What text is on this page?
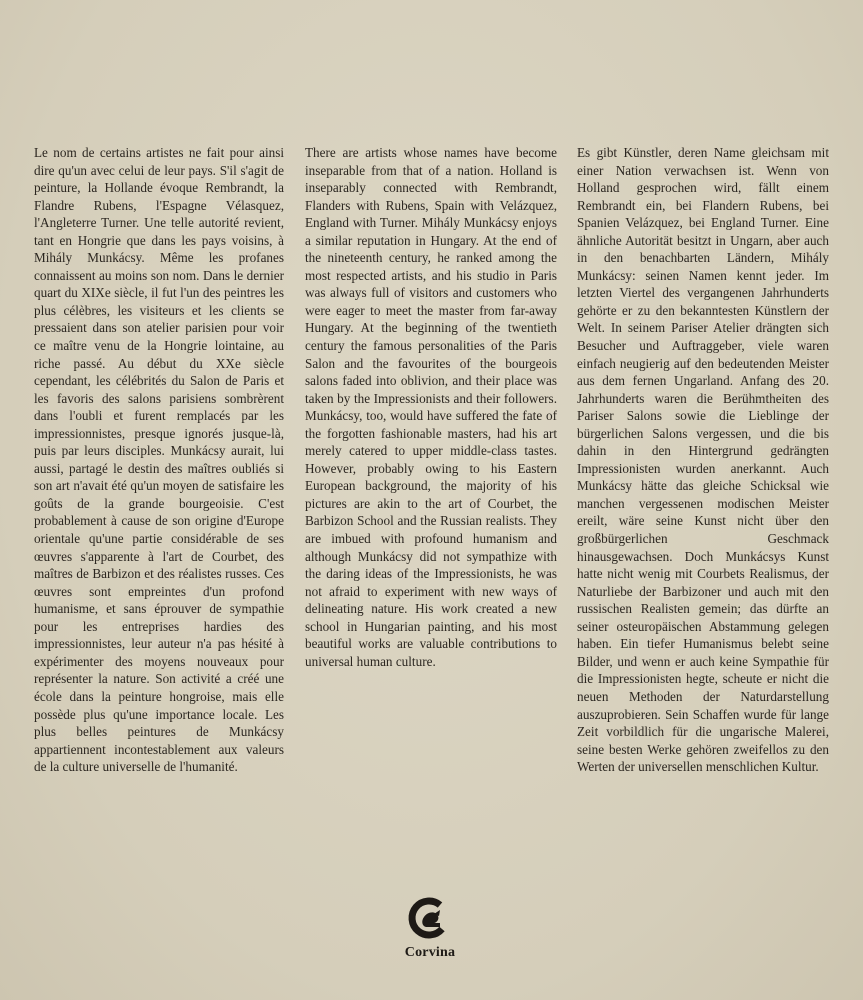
Le nom de certains artistes ne fait pour ainsi dire qu'un avec celui de leur pays. S'il s'agit de peinture, la Hollande évoque Rembrandt, la Flandre Rubens, l'Espagne Vélasquez, l'Angleterre Turner. Une telle autorité revient, tant en Hongrie que dans les pays voisins, à Mihály Munkácsy. Même les profanes connaissent au moins son nom. Dans le dernier quart du XIXe siècle, il fut l'un des peintres les plus célèbres, les visiteurs et les clients se pressaient dans son atelier parisien pour voir ce maître venu de la Hongrie lointaine, au riche passé. Au début du XXe siècle cependant, les célébrités du Salon de Paris et les favoris des salons parisiens sombrèrent dans l'oubli et furent remplacés par les impressionnistes, presque ignorés jusque-là, puis par leurs disciples. Munkácsy aurait, lui aussi, partagé le destin des maîtres oubliés si son art n'avait été qu'un moyen de satisfaire les goûts de la grande bourgeoisie. C'est probablement à cause de son origine d'Europe orientale qu'une partie considérable de ses œuvres s'apparente à l'art de Courbet, des maîtres de Barbizon et des réalistes russes. Ces œuvres sont empreintes d'un profond humanisme, et sans éprouver de sympathie pour les entreprises hardies des impressionnistes, leur auteur n'a pas hésité à expérimenter des moyens nouveaux pour représenter la nature. Son activité a créé une école dans la peinture hongroise, mais elle possède plus qu'une importance locale. Les plus belles peintures de Munkácsy appartiennent incontestablement aux valeurs de la culture universelle de l'humanité.

There are artists whose names have become inseparable from that of a nation. Holland is inseparably connected with Rembrandt, Flanders with Rubens, Spain with Velázquez, England with Turner. Mihály Munkácsy enjoys a similar reputation in Hungary. At the end of the nineteenth century, he ranked among the most respected artists, and his studio in Paris was always full of visitors and customers who were eager to meet the master from far-away Hungary. At the beginning of the twentieth century the famous personalities of the Paris Salon and the favourites of the bourgeois salons faded into oblivion, and their place was taken by the Impressionists and their followers. Munkácsy, too, would have suffered the fate of the forgotten fashionable masters, had his art merely catered to upper middle-class tastes. However, probably owing to his Eastern European background, the majority of his pictures are akin to the art of Courbet, the Barbizon School and the Russian realists. They are imbued with profound humanism and although Munkácsy did not sympathize with the daring ideas of the Impressionists, he was not afraid to experiment with new ways of delineating nature. His work created a new school in Hungarian painting, and his most beautiful works are valuable contributions to universal human culture.

Es gibt Künstler, deren Name gleichsam mit einer Nation verwachsen ist. Wenn von Holland gesprochen wird, fällt einem Rembrandt ein, bei Flandern Rubens, bei Spanien Velázquez, bei England Turner. Eine ähnliche Autorität besitzt in Ungarn, aber auch in den benachbarten Ländern, Mihály Munkácsy: seinen Namen kennt jeder. Im letzten Viertel des vergangenen Jahrhunderts gehörte er zu den bekanntesten Künstlern der Welt. In seinem Pariser Atelier drängten sich Besucher und Auftraggeber, viele waren einfach neugierig auf den bedeutenden Meister aus dem fernen Ungarland. Anfang des 20. Jahrhunderts waren die Berühmtheiten des Pariser Salons sowie die Lieblinge der bürgerlichen Salons vergessen, und die bis dahin in den Hintergrund gedrängten Impressionisten wurden anerkannt. Auch Munkácsy hätte das gleiche Schicksal wie manchen vergessenen modischen Meister ereilt, wäre seine Kunst nicht über den großbürgerlichen Geschmack hinausgewachsen. Doch Munkácsys Kunst hatte nicht wenig mit Courbets Realismus, der Naturliebe der Barbizoner und auch mit den russischen Realisten gemein; das dürfte an seiner osteuropäischen Abstammung gelegen haben. Ein tiefer Humanismus belebt seine Bilder, und wenn er auch keine Sympathie für die Impressionisten hegte, scheute er nicht die neuen Methoden der Naturdarstellung auszuprobieren. Sein Schaffen wurde für lange Zeit vorbildlich für die ungarische Malerei, seine besten Werke gehören zweifellos zu den Werten der universellen menschlichen Kultur.

Corvina
